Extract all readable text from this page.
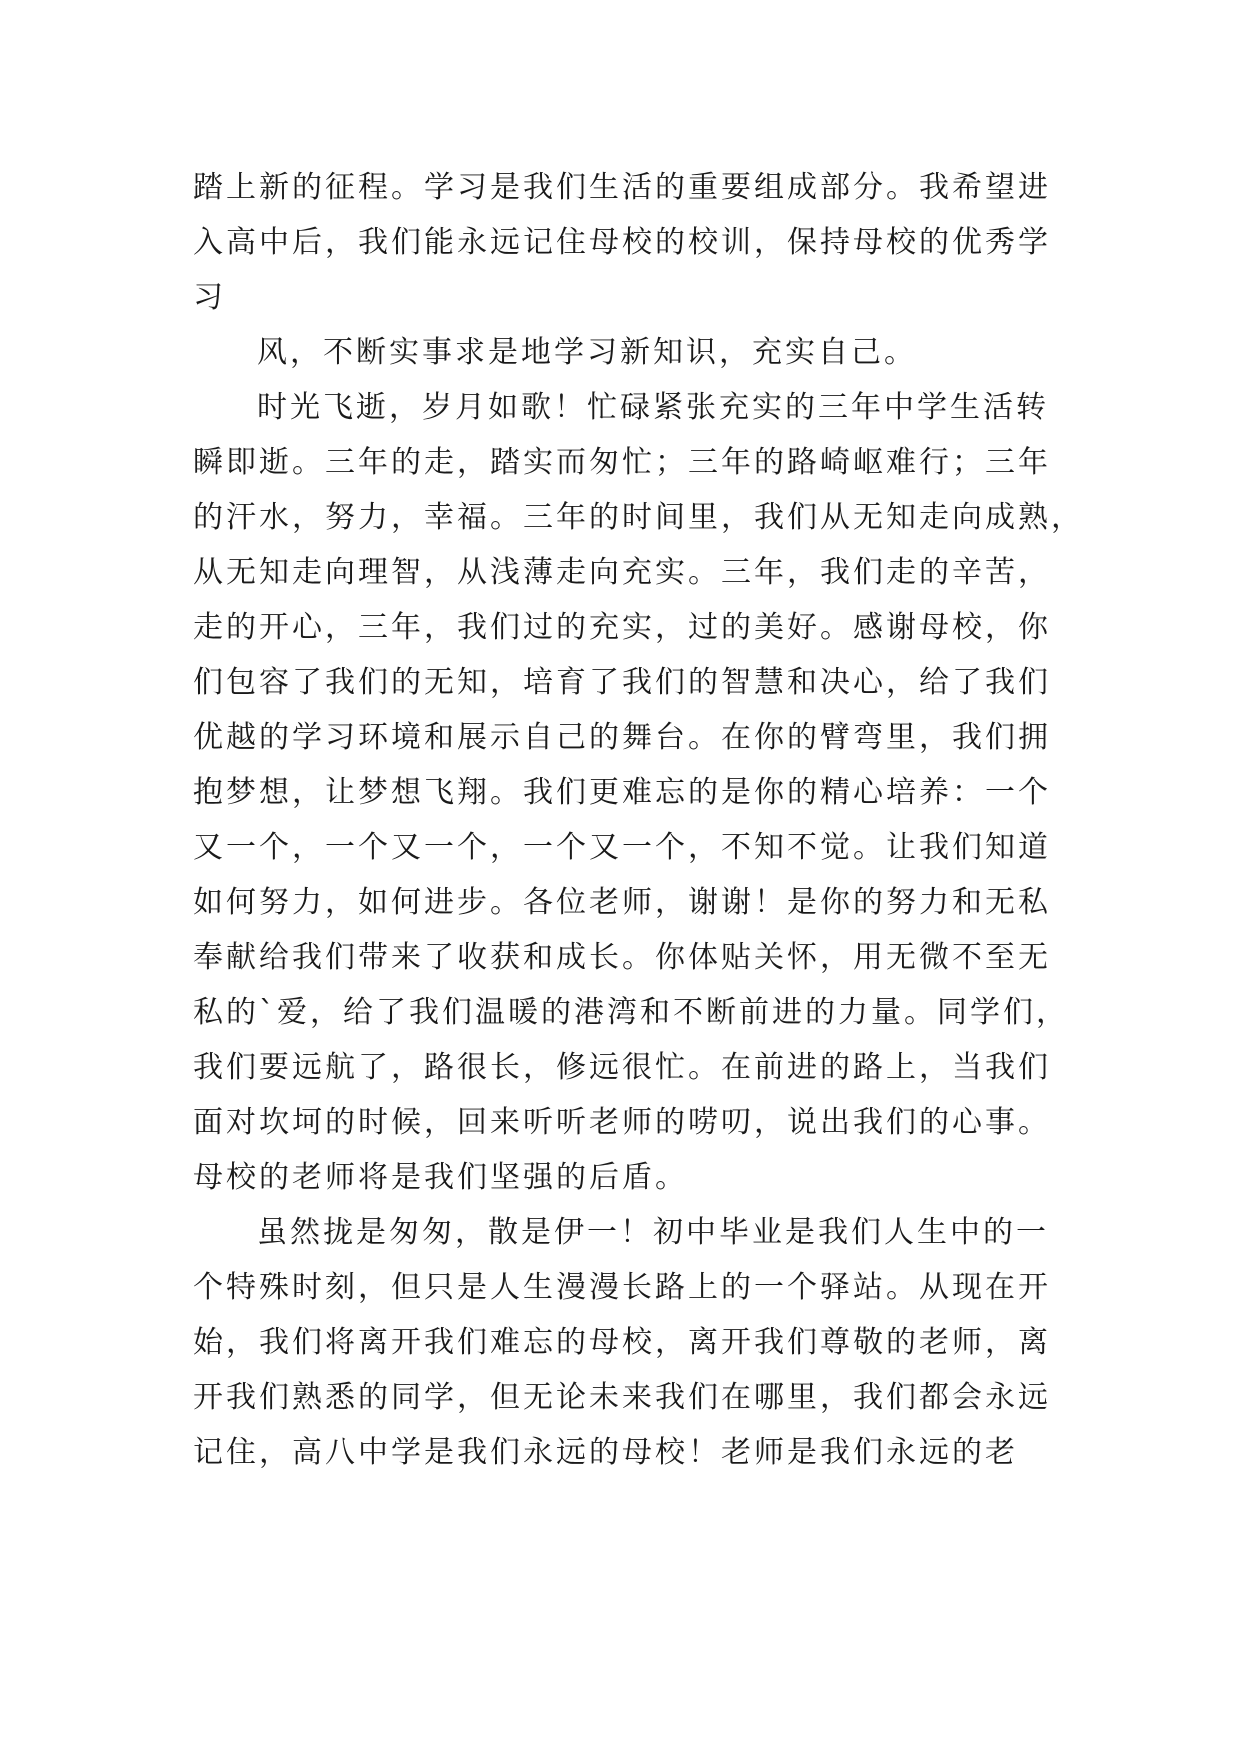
踏上新的征程。学习是我们生活的重要组成部分。我希望进
入高中后，我们能永远记住母校的校训，保持母校的优秀学
习
风，不断实事求是地学习新知识，充实自己。
时光飞逝，岁月如歌！忙碌紧张充实的三年中学生活转
瞬即逝。三年的走，踏实而匆忙；三年的路崎岖难行；三年
的汗水，努力，幸福。三年的时间里，我们从无知走向成熟，
从无知走向理智，从浅薄走向充实。三年，我们走的辛苦，
走的开心，三年，我们过的充实，过的美好。感谢母校，你
们包容了我们的无知，培育了我们的智慧和决心，给了我们
优越的学习环境和展示自己的舞台。在你的臂弯里，我们拥
抱梦想，让梦想飞翔。我们更难忘的是你的精心培养：一个
又一个，一个又一个，一个又一个，不知不觉。让我们知道
如何努力，如何进步。各位老师，谢谢！是你的努力和无私
奉献给我们带来了收获和成长。你体贴关怀，用无微不至无
私的`爱，给了我们温暖的港湾和不断前进的力量。同学们，
我们要远航了，路很长，修远很忙。在前进的路上，当我们
面对坎坷的时候，回来听听老师的唠叨，说出我们的心事。
母校的老师将是我们坚强的后盾。
虽然拢是匆匆，散是伊一！初中毕业是我们人生中的一
个特殊时刻，但只是人生漫漫长路上的一个驿站。从现在开
始，我们将离开我们难忘的母校，离开我们尊敬的老师，离
开我们熟悉的同学，但无论未来我们在哪里，我们都会永远
记住，高八中学是我们永远的母校！老师是我们永远的老
